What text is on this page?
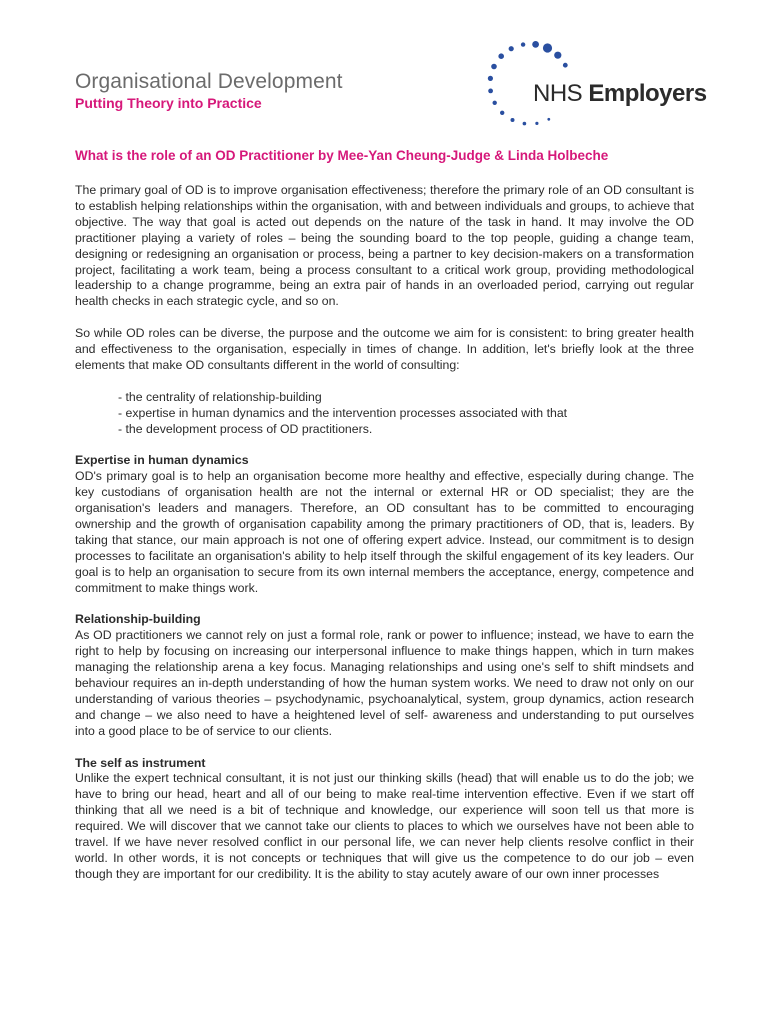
Organisational Development
Putting Theory into Practice	NHS Employers
What is the role of an OD Practitioner by Mee-Yan Cheung-Judge & Linda Holbeche

The primary goal of OD is to improve organisation effectiveness; therefore the primary role of an OD consultant is to establish helping relationships within the organisation, with and between individuals and groups, to achieve that objective. The way that goal is acted out depends on the nature of the task in hand. It may involve the OD practitioner playing a variety of roles – being the sounding board to the top people, guiding a change team, designing or redesigning an organisation or process, being a partner to key decision-makers on a transformation project, facilitating a work team, being a process consultant to a critical work group, providing methodological leadership to a change programme, being an extra pair of hands in an overloaded period, carrying out regular health checks in each strategic cycle, and so on.

So while OD roles can be diverse, the purpose and the outcome we aim for is consistent: to bring greater health and effectiveness to the organisation, especially in times of change. In addition, let's briefly look at the three elements that make OD consultants different in the world of consulting:

- the centrality of relationship-building
- expertise in human dynamics and the intervention processes associated with that
- the development process of OD practitioners.

Expertise in human dynamics

OD's primary goal is to help an organisation become more healthy and effective, especially during change. The key custodians of organisation health are not the internal or external HR or OD specialist; they are the organisation's leaders and managers. Therefore, an OD consultant has to be committed to encouraging ownership and the growth of organisation capability among the primary practitioners of OD, that is, leaders. By taking that stance, our main approach is not one of offering expert advice. Instead, our commitment is to design processes to facilitate an organisation's ability to help itself through the skilful engagement of its key leaders. Our goal is to help an organisation to secure from its own internal members the acceptance, energy, competence and commitment to make things work.

Relationship-building

As OD practitioners we cannot rely on just a formal role, rank or power to influence; instead, we have to earn the right to help by focusing on increasing our interpersonal influence to make things happen, which in turn makes managing the relationship arena a key focus. Managing relationships and using one's self to shift mindsets and behaviour requires an in-depth understanding of how the human system works. We need to draw not only on our understanding of various theories – psychodynamic, psychoanalytical, system, group dynamics, action research and change – we also need to have a heightened level of self- awareness and understanding to put ourselves into a good place to be of service to our clients.

The self as instrument

Unlike the expert technical consultant, it is not just our thinking skills (head) that will enable us to do the job; we have to bring our head, heart and all of our being to make real-time intervention effective. Even if we start off thinking that all we need is a bit of technique and knowledge, our experience will soon tell us that more is required. We will discover that we cannot take our clients to places to which we ourselves have not been able to travel. If we have never resolved conflict in our personal life, we can never help clients resolve conflict in their world. In other words, it is not concepts or techniques that will give us the competence to do our job – even though they are important for our credibility. It is the ability to stay acutely aware of our own inner processes
